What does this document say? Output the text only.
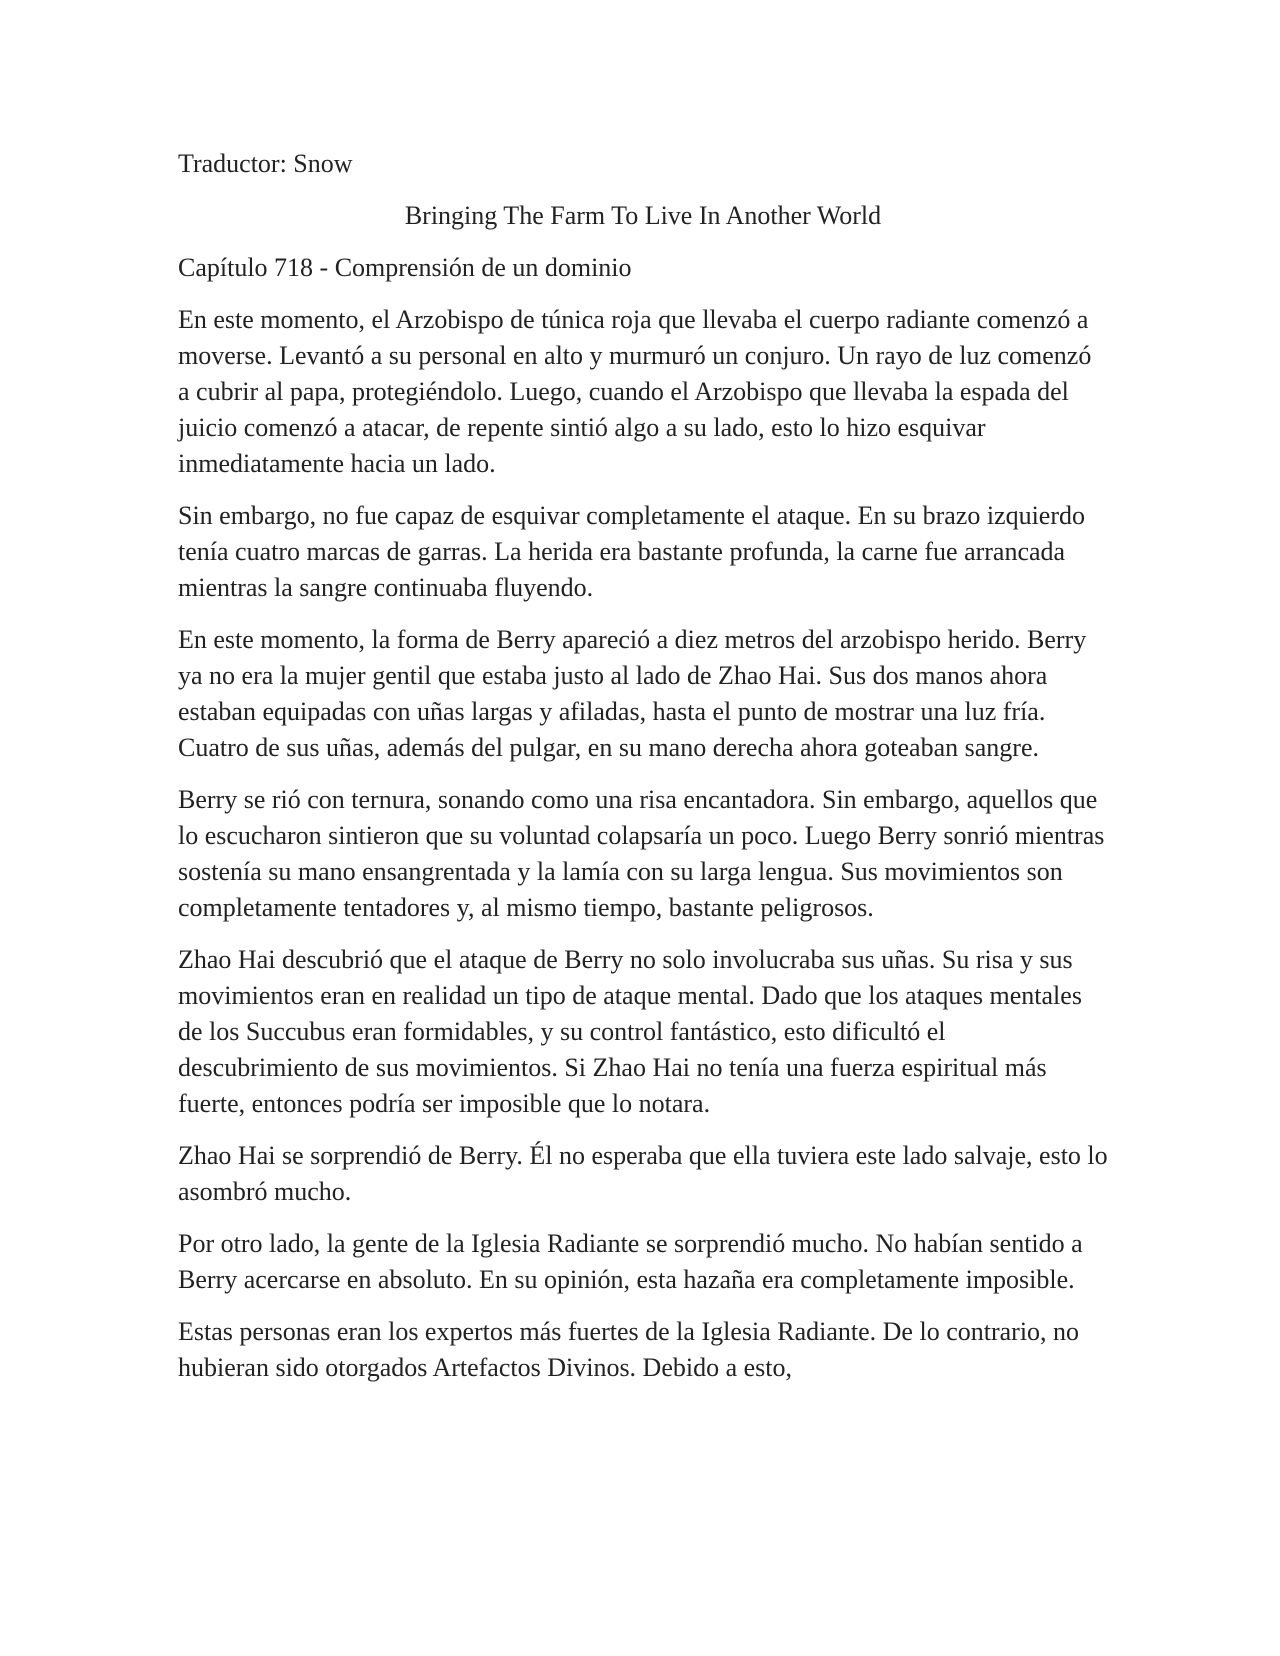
Traductor: Snow

Bringing The Farm To Live In Another World

Capítulo 718 - Comprensión de un dominio

En este momento, el Arzobispo de túnica roja que llevaba el cuerpo radiante comenzó a moverse. Levantó a su personal en alto y murmuró un conjuro. Un rayo de luz comenzó a cubrir al papa, protegiéndolo. Luego, cuando el Arzobispo que llevaba la espada del juicio comenzó a atacar, de repente sintió algo a su lado, esto lo hizo esquivar inmediatamente hacia un lado.

Sin embargo, no fue capaz de esquivar completamente el ataque. En su brazo izquierdo tenía cuatro marcas de garras. La herida era bastante profunda, la carne fue arrancada mientras la sangre continuaba fluyendo.

En este momento, la forma de Berry apareció a diez metros del arzobispo herido. Berry ya no era la mujer gentil que estaba justo al lado de Zhao Hai. Sus dos manos ahora estaban equipadas con uñas largas y afiladas, hasta el punto de mostrar una luz fría. Cuatro de sus uñas, además del pulgar, en su mano derecha ahora goteaban sangre.

Berry se rió con ternura, sonando como una risa encantadora. Sin embargo, aquellos que lo escucharon sintieron que su voluntad colapsaría un poco. Luego Berry sonrió mientras sostenía su mano ensangrentada y la lamía con su larga lengua. Sus movimientos son completamente tentadores y, al mismo tiempo, bastante peligrosos.

Zhao Hai descubrió que el ataque de Berry no solo involucraba sus uñas. Su risa y sus movimientos eran en realidad un tipo de ataque mental. Dado que los ataques mentales de los Succubus eran formidables, y su control fantástico, esto dificultó el descubrimiento de sus movimientos. Si Zhao Hai no tenía una fuerza espiritual más fuerte, entonces podría ser imposible que lo notara.

Zhao Hai se sorprendió de Berry. Él no esperaba que ella tuviera este lado salvaje, esto lo asombró mucho.

Por otro lado, la gente de la Iglesia Radiante se sorprendió mucho. No habían sentido a Berry acercarse en absoluto. En su opinión, esta hazaña era completamente imposible.

Estas personas eran los expertos más fuertes de la Iglesia Radiante. De lo contrario, no hubieran sido otorgados Artefactos Divinos. Debido a esto,
